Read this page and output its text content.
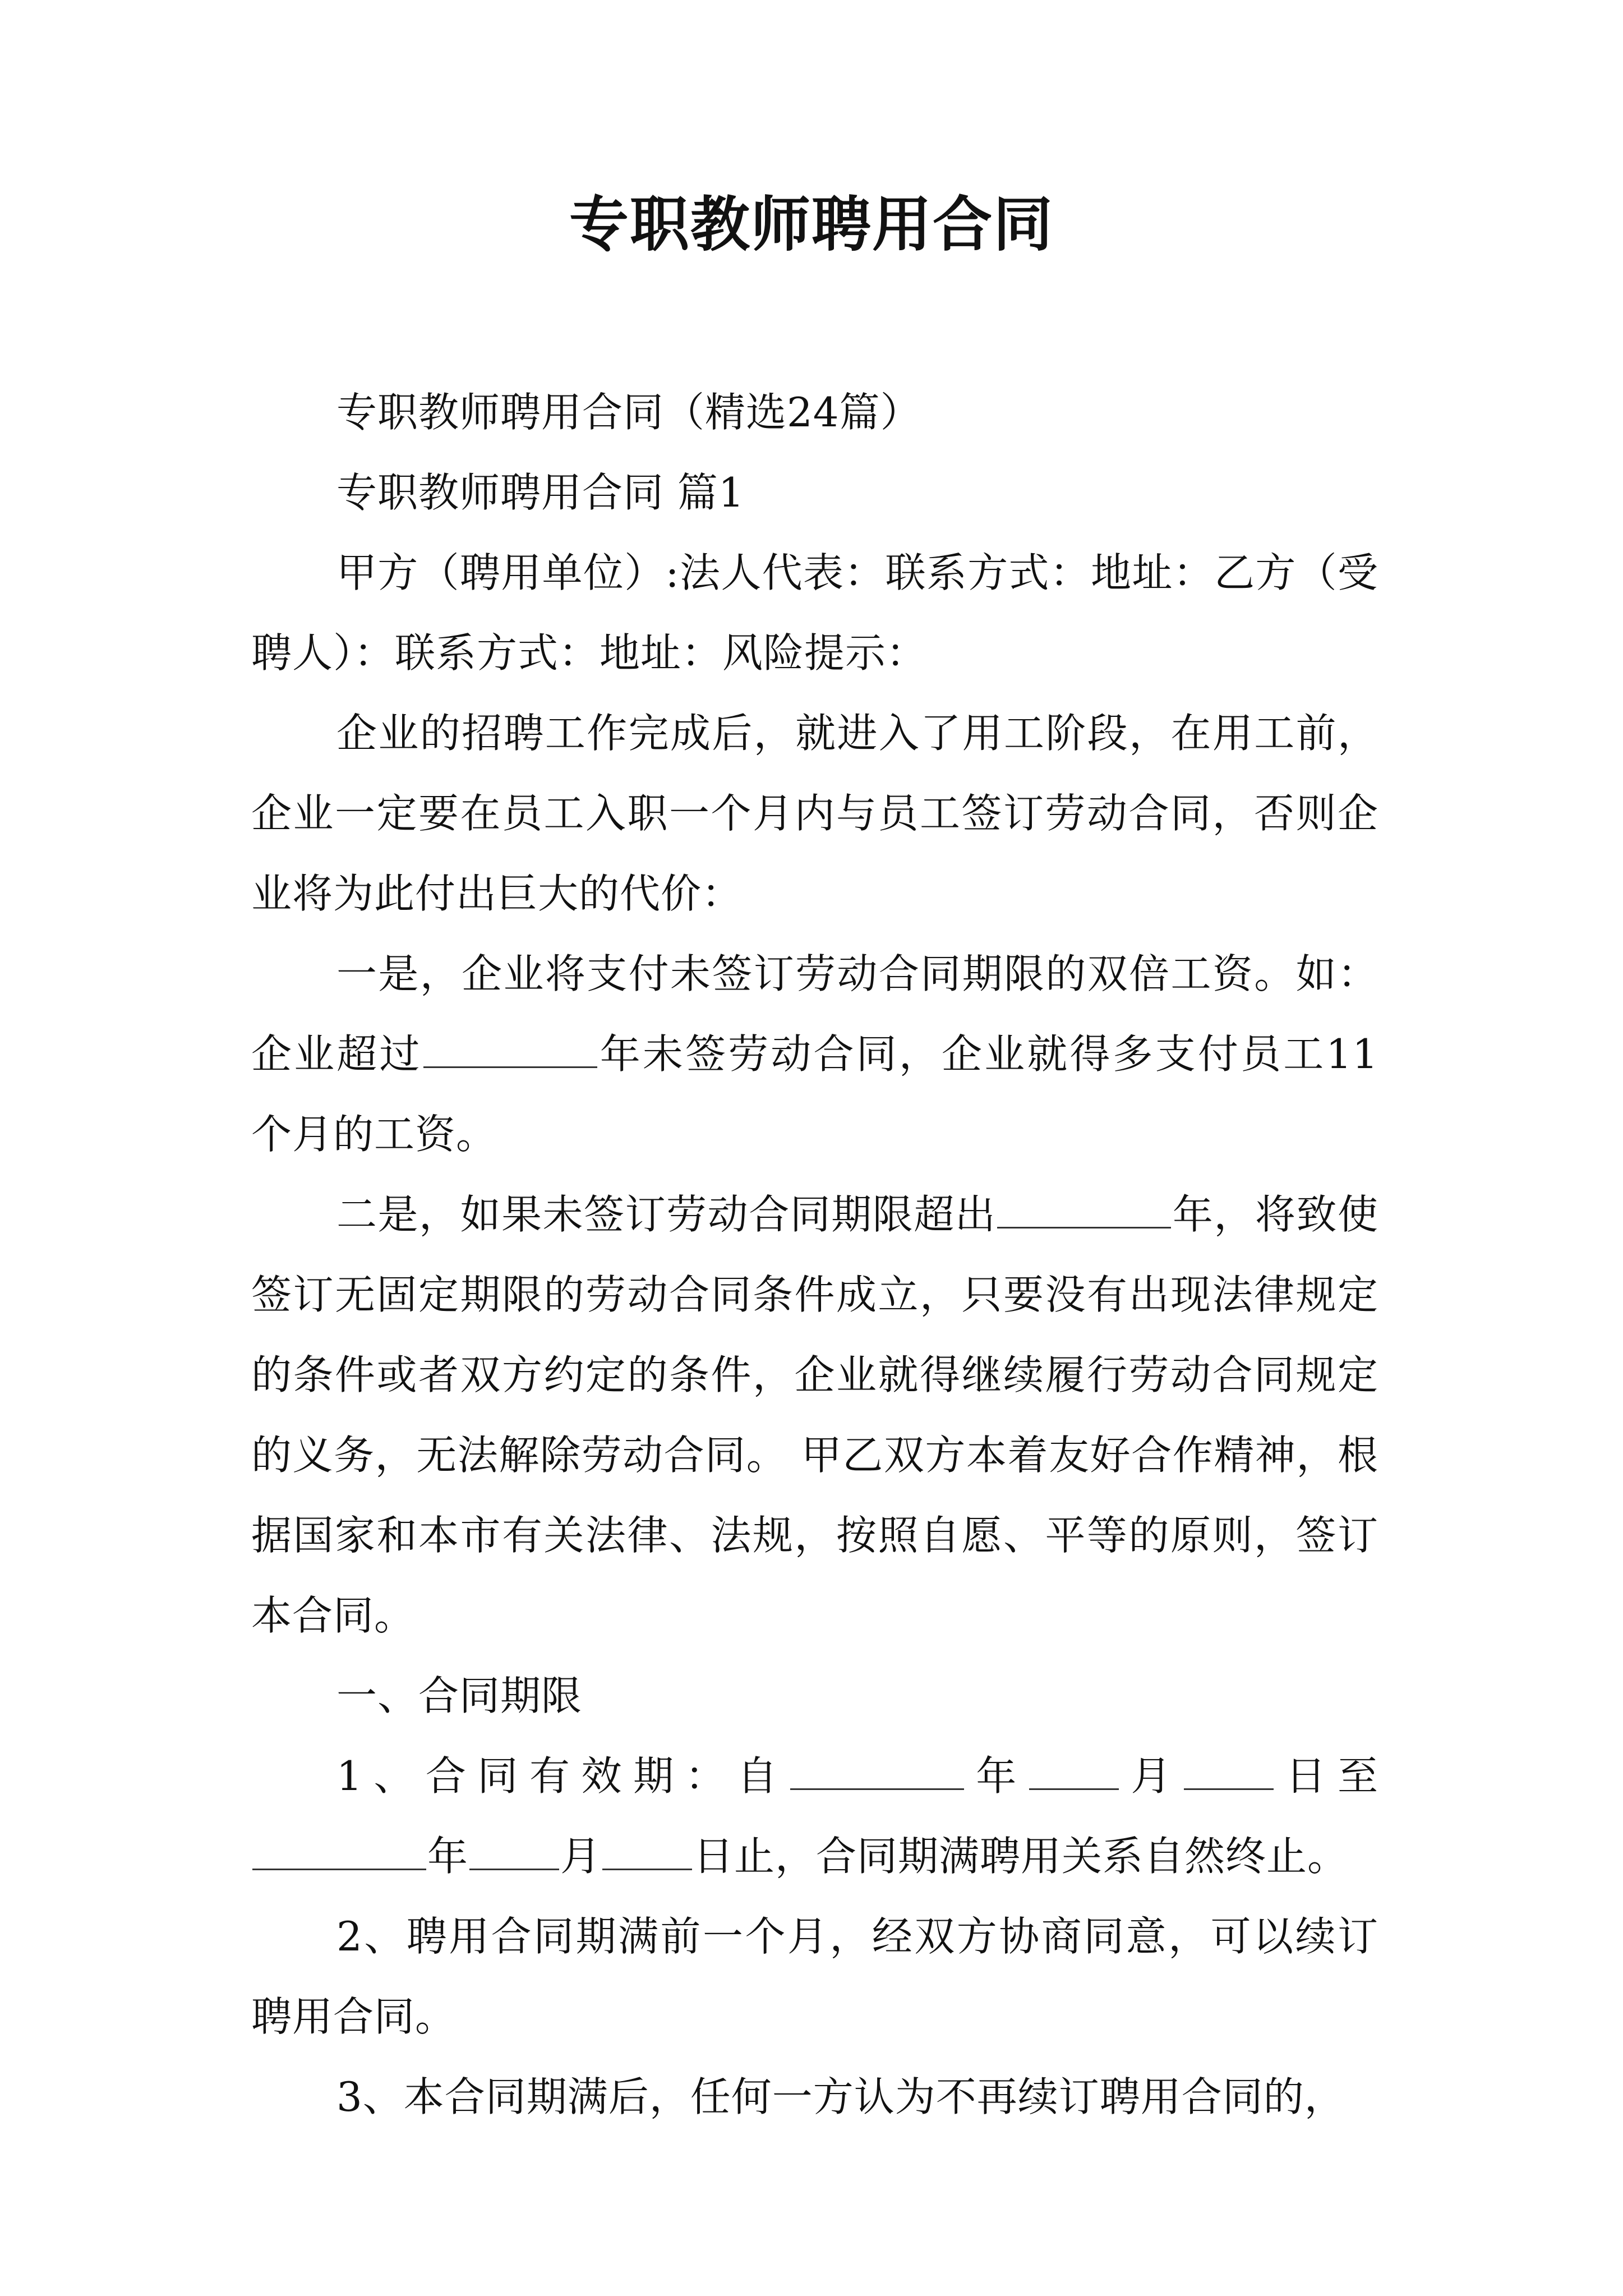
专职教师聘用合同

专职教师聘用合同（精选24篇）

专职教师聘用合同 篇1

甲方（聘用单位）:法人代表：联系方式：地址：乙方（受聘人）：联系方式：地址：风险提示：

企业的招聘工作完成后，就进入了用工阶段，在用工前，企业一定要在员工入职一个月内与员工签订劳动合同，否则企业将为此付出巨大的代价：

一是，企业将支付未签订劳动合同期限的双倍工资。如：企业超过	年未签劳动合同，企业就得多支付员工11个月的工资。

二是，如果未签订劳动合同期限超出	年，将致使签订无固定期限的劳动合同条件成立，只要没有出现法律规定的条件或者双方约定的条件，企业就得继续履行劳动合同规定的义务，无法解除劳动合同。 甲乙双方本着友好合作精神，根据国家和本市有关法律、法规，按照自愿、平等的原则，签订本合同。

一、合同期限

1、合同有效期：自	年 月 日至年 月 日止，合同期满聘用关系自然终止。

2、聘用合同期满前一个月，经双方协商同意，可以续订聘用合同。

3、本合同期满后，任何一方认为不再续订聘用合同的，
